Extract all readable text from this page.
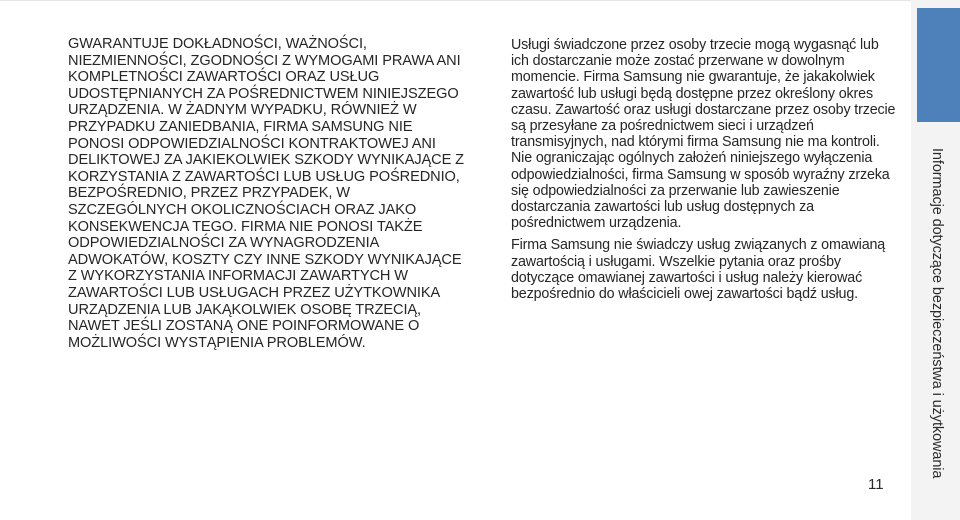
GWARANTUJE DOKŁADNOŚCI, WAŻNOŚCI, NIEZMIENNOŚCI, ZGODNOŚCI Z WYMOGAMI PRAWA ANI KOMPLETNOŚCI ZAWARTOŚCI ORAZ USŁUG UDOSTĘPNIANYCH ZA POŚREDNICTWEM NINIEJSZEGO URZĄDZENIA. W ŻADNYM WYPADKU, RÓWNIEŻ W PRZYPADKU ZANIEDBANIA, FIRMA SAMSUNG NIE PONOSI ODPOWIEDZIALNOŚCI KONTRAKTOWEJ ANI DELIKTOWEJ ZA JAKIEKOLWIEK SZKODY WYNIKAJĄCE Z KORZYSTANIA Z ZAWARTOŚCI LUB USŁUG POŚREDNIO, BEZPOŚREDNIO, PRZEZ PRZYPADEK, W SZCZEGÓLNYCH OKOLICZNOŚCIACH ORAZ JAKO KONSEKWENCJA TEGO. FIRMA NIE PONOSI TAKŻE ODPOWIEDZIALNOŚCI ZA WYNAGRODZENIA ADWOKATÓW, KOSZTY CZY INNE SZKODY WYNIKAJĄCE Z WYKORZYSTANIA INFORMACJI ZAWARTYCH W ZAWARTOŚCI LUB USŁUGACH PRZEZ UŻYTKOWNIKA URZĄDZENIA LUB JAKĄKOLWIEK OSOBĘ TRZECIĄ, NAWET JEŚLI ZOSTANĄ ONE POINFORMOWANE O MOŻLIWOŚCI WYSTĄPIENIA PROBLEMÓW.

Usługi świadczone przez osoby trzecie mogą wygasnąć lub ich dostarczanie może zostać przerwane w dowolnym momencie. Firma Samsung nie gwarantuje, że jakakolwiek zawartość lub usługi będą dostępne przez określony okres czasu. Zawartość oraz usługi dostarczane przez osoby trzecie są przesyłane za pośrednictwem sieci i urządzeń transmisyjnych, nad którymi firma Samsung nie ma kontroli. Nie ograniczając ogólnych założeń niniejszego wyłączenia odpowiedzialności, firma Samsung w sposób wyraźny zrzeka się odpowiedzialności za przerwanie lub zawieszenie dostarczania zawartości lub usług dostępnych za pośrednictwem urządzenia.

Firma Samsung nie świadczy usług związanych z omawianą zawartością i usługami. Wszelkie pytania oraz prośby dotyczące omawianej zawartości i usług należy kierować bezpośrednio do właścicieli owej zawartości bądź usług.	Informacje dotyczące bezpieczeństwa i użytkowania
11
